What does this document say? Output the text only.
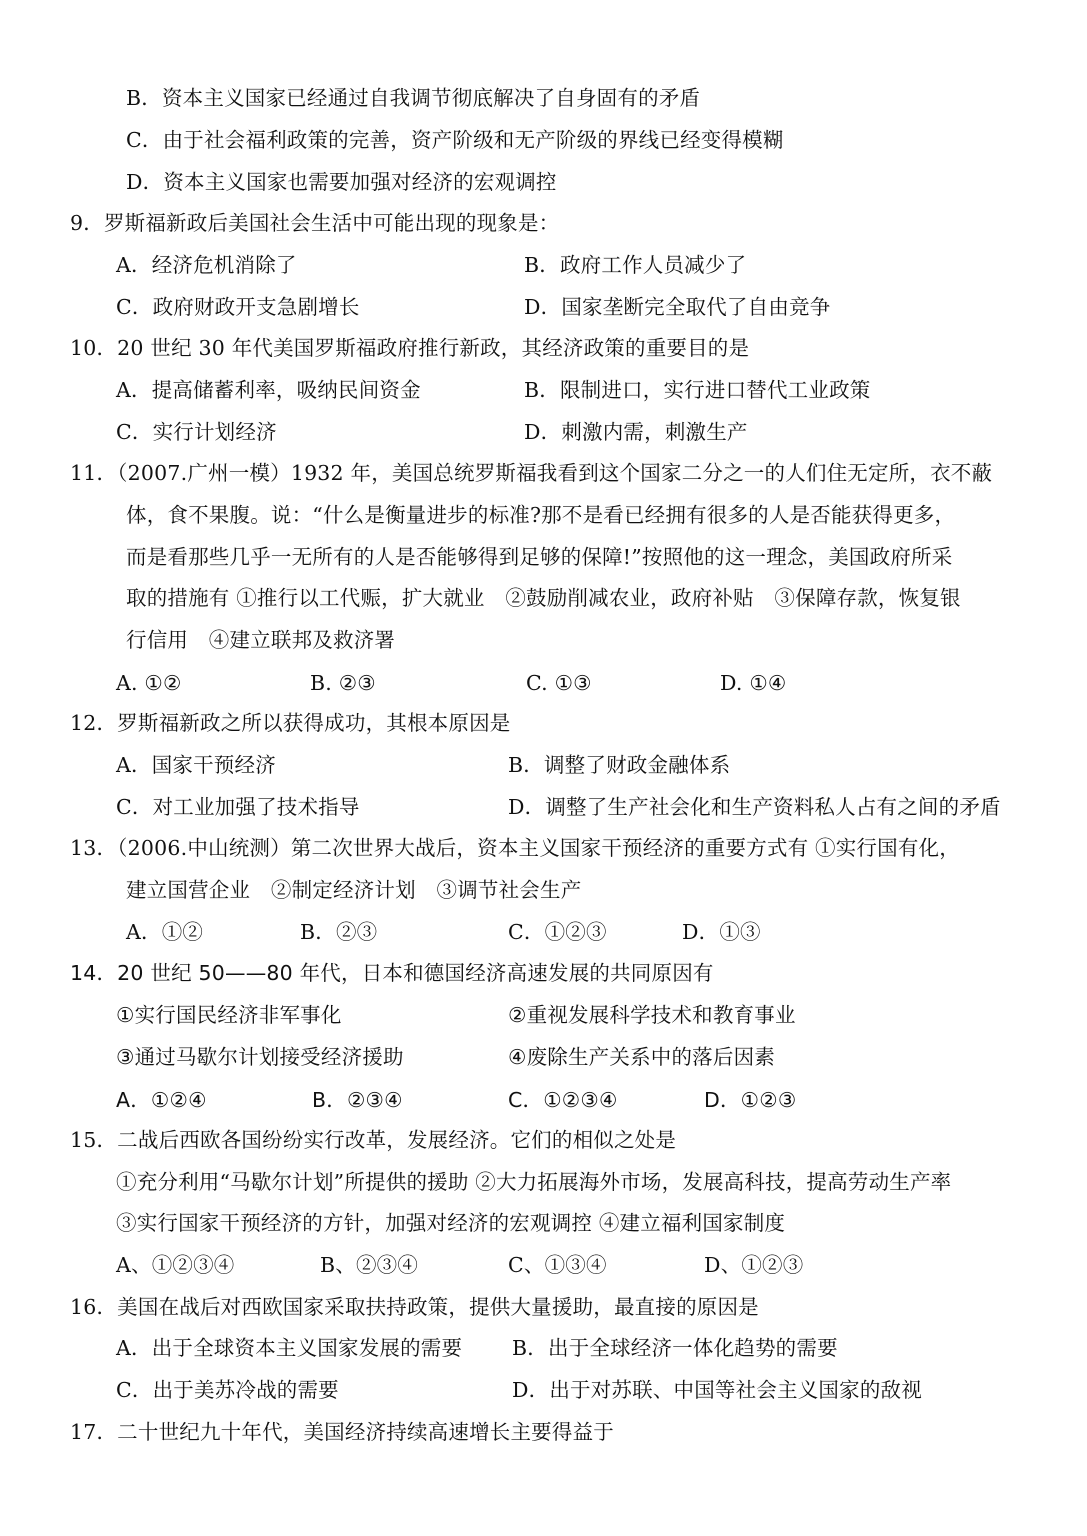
B．资本主义国家已经通过自我调节彻底解决了自身固有的矛盾
C．由于社会福利政策的完善，资产阶级和无产阶级的界线已经变得模糊
D．资本主义国家也需要加强对经济的宏观调控
9．罗斯福新政后美国社会生活中可能出现的现象是：
A．经济危机消除了	B．政府工作人员减少了
C．政府财政开支急剧增长	D．国家垄断完全取代了自由竞争
10．20 世纪 30 年代美国罗斯福政府推行新政，其经济政策的重要目的是
A．提高储蓄利率，吸纳民间资金	B．限制进口，实行进口替代工业政策
C．实行计划经济	D．刺激内需，刺激生产
11．（2007.广州一模）1932 年，美国总统罗斯福我看到这个国家二分之一的人们住无定所，衣不蔽
体，食不果腹。说：“什么是衡量进步的标准?那不是看已经拥有很多的人是否能获得更多，
而是看那些几乎一无所有的人是否能够得到足够的保障!”按照他的这一理念，美国政府所采
取的措施有 ①推行以工代赈，扩大就业　②鼓励削减农业，政府补贴　③保障存款，恢复银
行信用　④建立联邦及救济署
A. ①②	B. ②③	C. ①③	D. ①④
12．罗斯福新政之所以获得成功，其根本原因是
A．国家干预经济	B．调整了财政金融体系
C．对工业加强了技术指导	D．调整了生产社会化和生产资料私人占有之间的矛盾
13．（2006.中山统测）第二次世界大战后，资本主义国家干预经济的重要方式有 ①实行国有化，
建立国营企业　②制定经济计划　③调节社会生产
A．①②	B．②③	C．①②③	D．①③
14．20 世纪 50——80 年代，日本和德国经济高速发展的共同原因有
①实行国民经济非军事化	②重视发展科学技术和教育事业
③通过马歇尔计划接受经济援助	④废除生产关系中的落后因素
A．①②④	B．②③④	C．①②③④	D．①②③
15．二战后西欧各国纷纷实行改革，发展经济。它们的相似之处是
①充分利用“马歇尔计划”所提供的援助 ②大力拓展海外市场，发展高科技，提高劳动生产率
③实行国家干预经济的方针，加强对经济的宏观调控 ④建立福利国家制度
A、①②③④	B、②③④	C、①③④	D、①②③
16．美国在战后对西欧国家采取扶持政策，提供大量援助，最直接的原因是
A．出于全球资本主义国家发展的需要 B．出于全球经济一体化趋势的需要
C．出于美苏冷战的需要	D．出于对苏联、中国等社会主义国家的敌视
17．二十世纪九十年代，美国经济持续高速增长主要得益于
